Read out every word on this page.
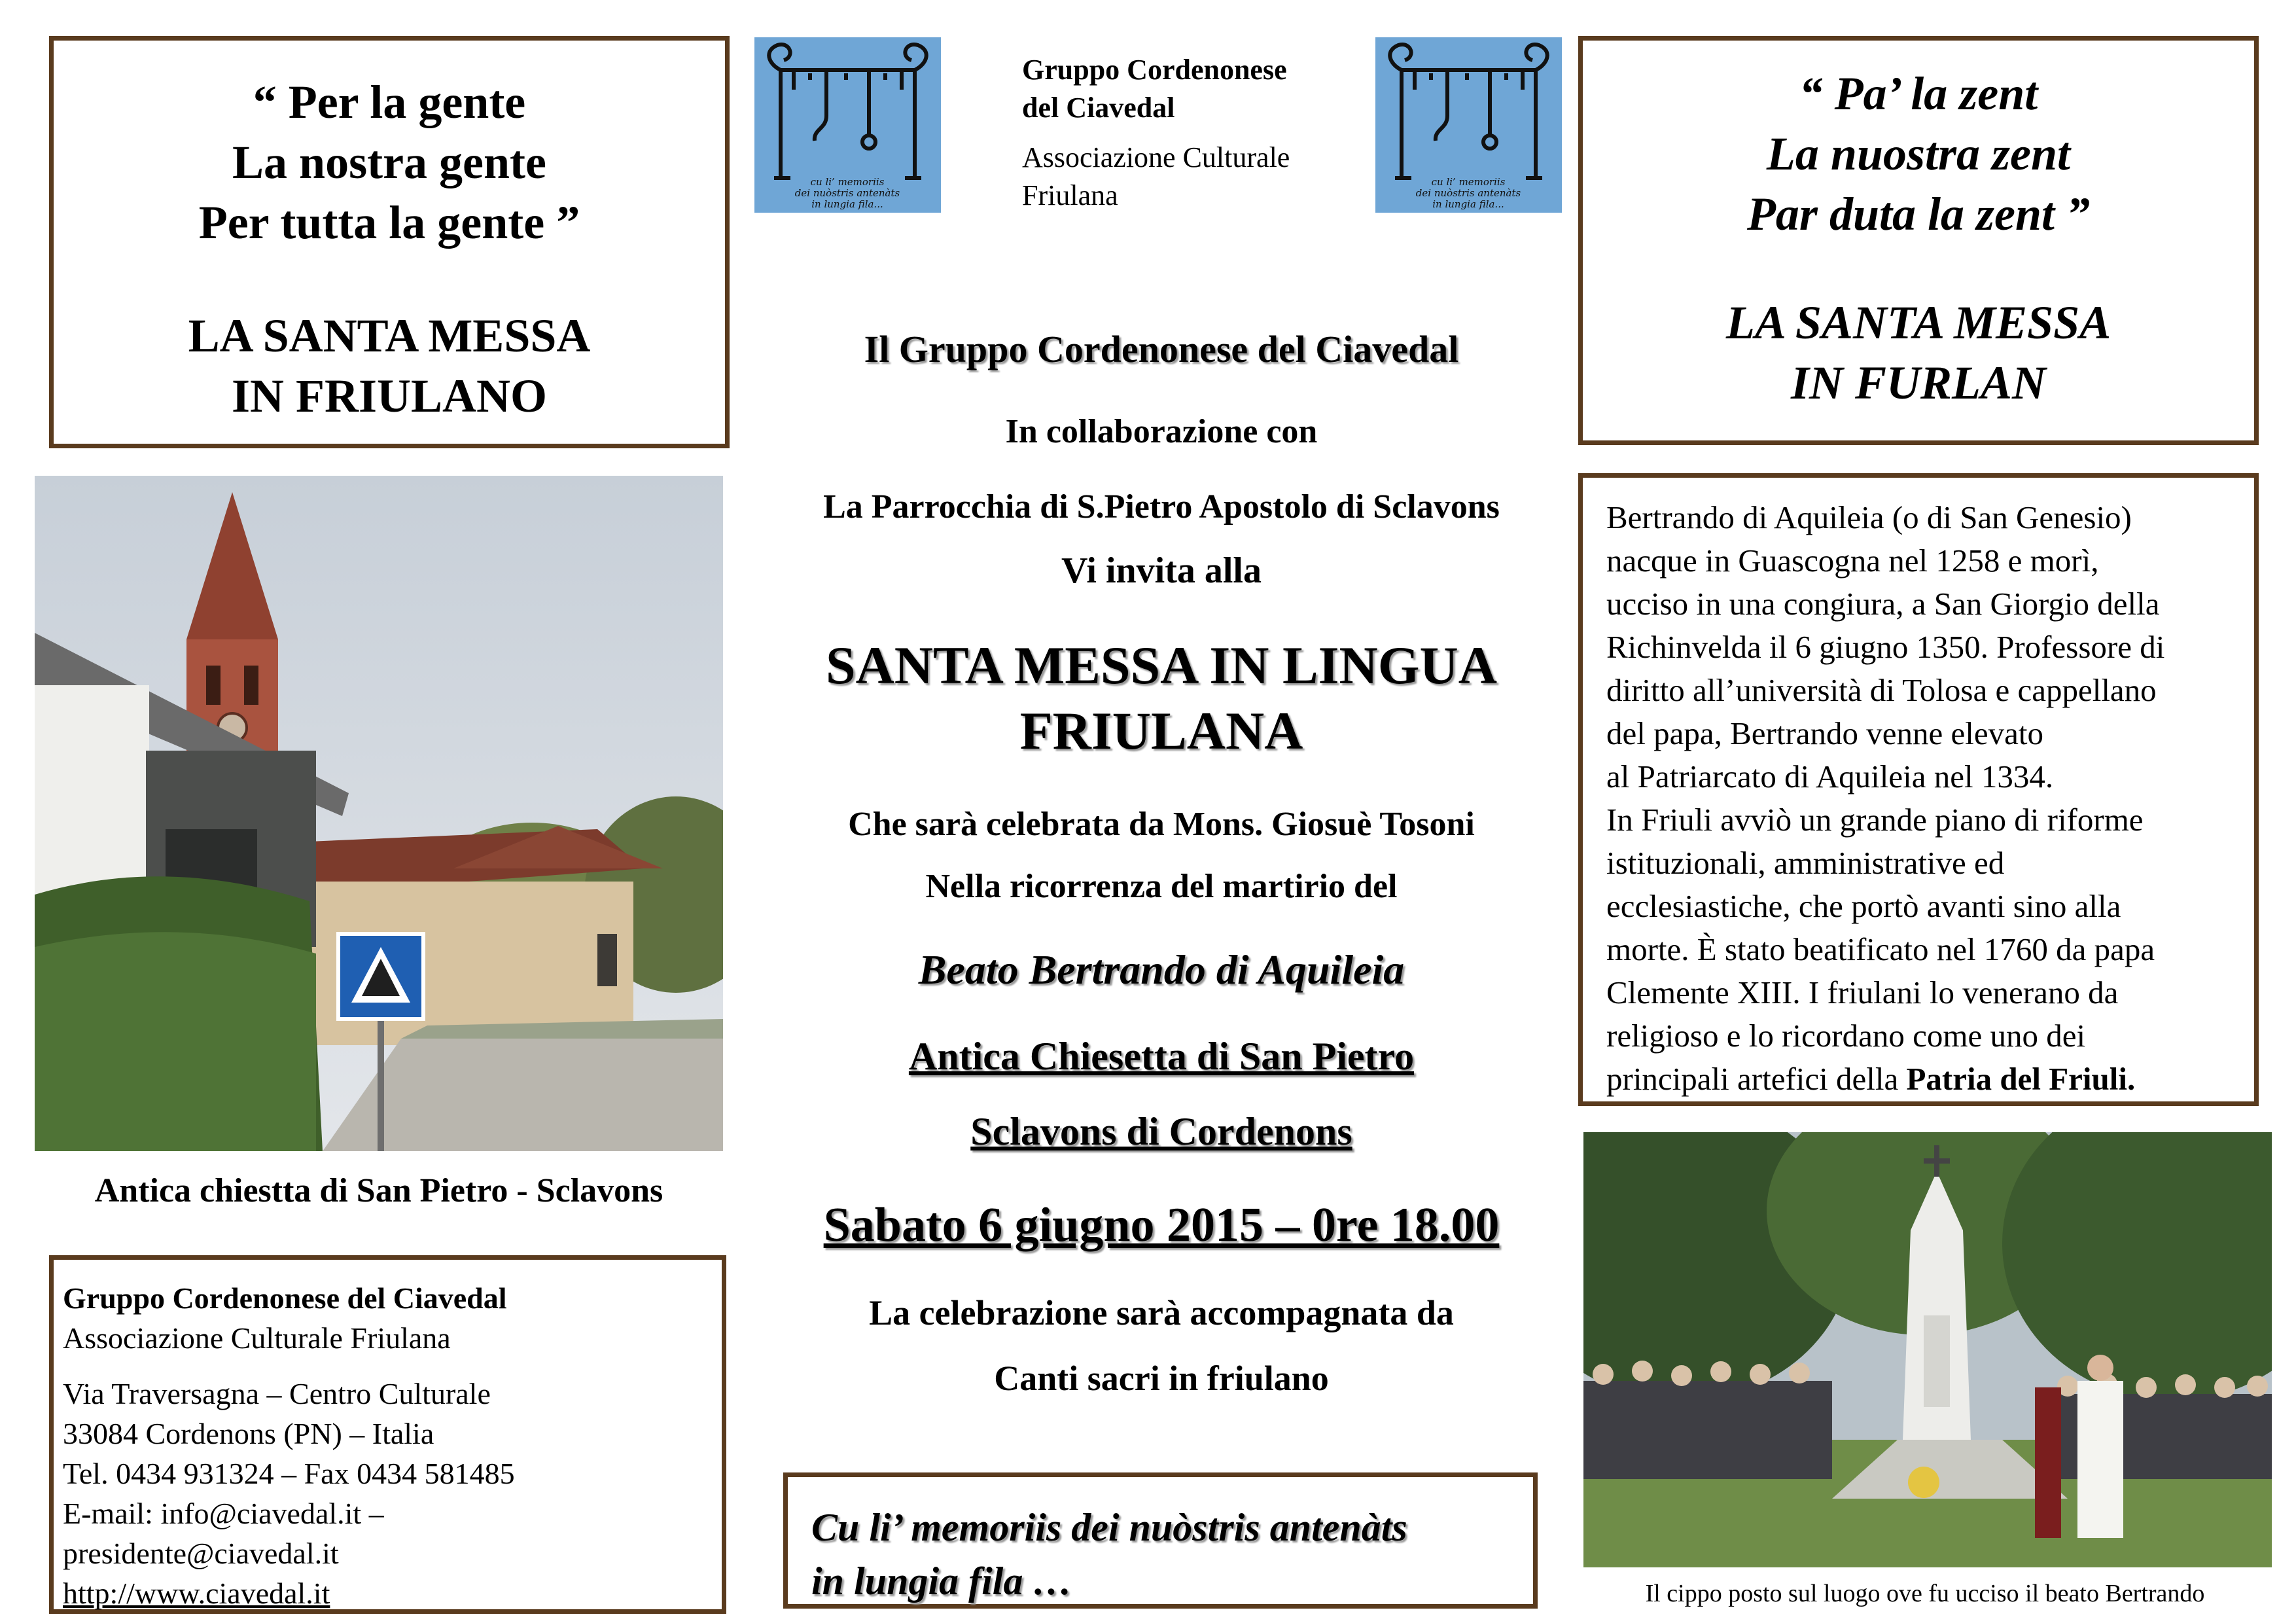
“ Per la gente
La nostra gente
Per tutta la gente ”
LA SANTA MESSA
IN FRIULANO
cu li’ memoriis
dei nuòstris antenàts
in lungia fila...
Gruppo Cordenonese
del Ciavedal
Associazione Culturale
Friulana	cu li’ memoriis
dei nuòstris antenàts
in lungia fila...
“ Pa’ la zent
La nuostra zent
Par duta la zent ”
LA SANTA MESSA
IN FURLAN
Il Gruppo Cordenonese del Ciavedal
In collaborazione con
La Parrocchia di S.Pietro Apostolo di Sclavons
Vi invita alla
SANTA MESSA IN LINGUA
FRIULANA
Che sarà celebrata da Mons. Giosuè Tosoni
Nella ricorrenza del martirio del
Beato Bertrando di Aquileia
Antica Chiesetta di San Pietro
Sclavons di Cordenons
Sabato 6 giugno 2015 – 0re 18.00
La celebrazione sarà accompagnata da
Canti sacri in friulano
Antica chiestta di San Pietro - Sclavons
Gruppo Cordenonese del Ciavedal
Associazione Culturale Friulana
Via Traversagna – Centro Culturale
33084 Cordenons (PN) – Italia
Tel. 0434 931324 – Fax 0434 581485
E-mail: info@ciavedal.it –
presidente@ciavedal.it
http://www.ciavedal.it
Bertrando di Aquileia (o di San Genesio)
nacque in Guascogna nel 1258 e morì,
ucciso in una congiura, a San Giorgio della
Richinvelda il 6 giugno 1350. Professore di
diritto all’università di Tolosa e cappellano
del papa, Bertrando venne elevato
al Patriarcato di Aquileia nel 1334.
In Friuli avviò un grande piano di riforme
istituzionali, amministrative ed
ecclesiastiche, che portò avanti sino alla
morte. È stato beatificato nel 1760 da papa
Clemente XIII. I friulani lo venerano da
religioso e lo ricordano come uno dei
principali artefici della Patria del Friuli.
Il cippo posto sul luogo ove fu ucciso il beato Bertrando
Cu li’ memoriis dei nuòstris antenàts
in lungia fila …
